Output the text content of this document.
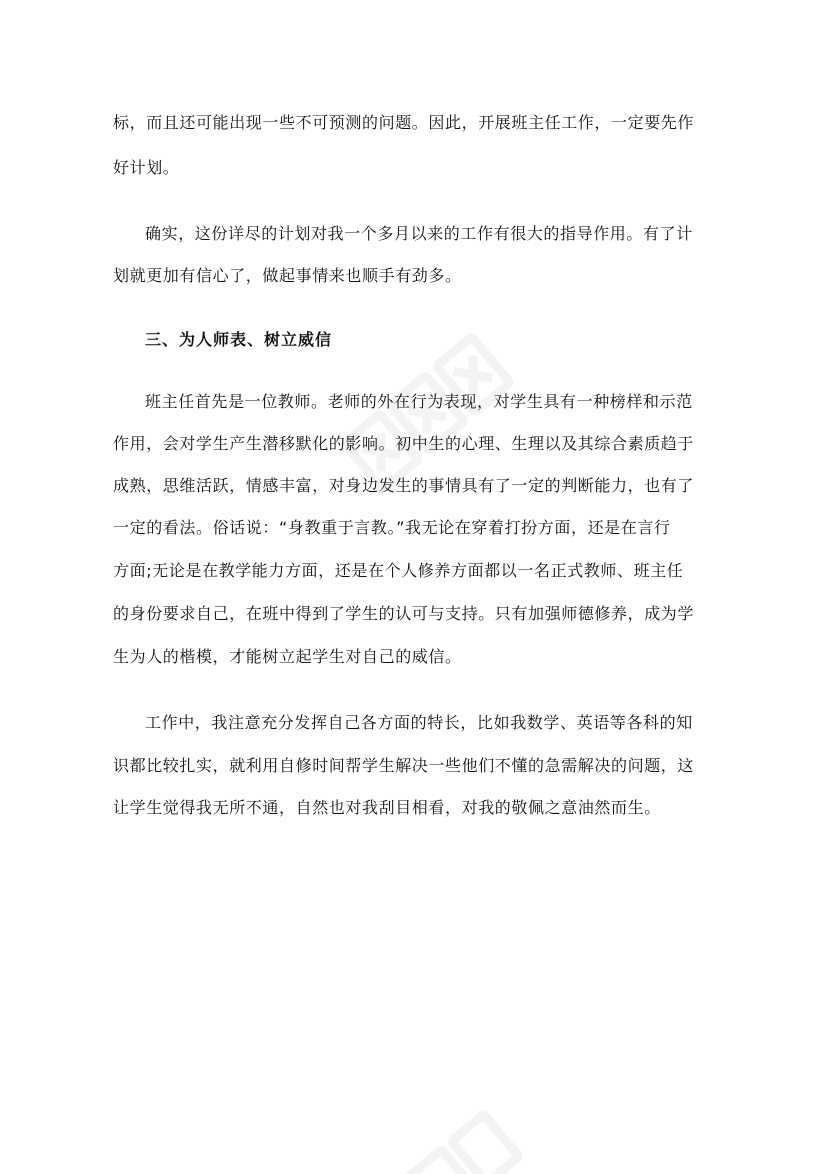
标，而且还可能出现一些不可预测的问题。因此，开展班主任工作，一定要先作
好计划。
确实，这份详尽的计划对我一个多月以来的工作有很大的指导作用。有了计
划就更加有信心了，做起事情来也顺手有劲多。
三、为人师表、树立威信
班主任首先是一位教师。老师的外在行为表现，对学生具有一种榜样和示范
作用，会对学生产生潜移默化的影响。初中生的心理、生理以及其综合素质趋于
成熟，思维活跃，情感丰富，对身边发生的事情具有了一定的判断能力，也有了
一定的看法。俗话说：“身教重于言教。”我无论在穿着打扮方面，还是在言行
方面;无论是在教学能力方面，还是在个人修养方面都以一名正式教师、班主任
的身份要求自己，在班中得到了学生的认可与支持。只有加强师德修养，成为学
生为人的楷模，才能树立起学生对自己的威信。
工作中，我注意充分发挥自己各方面的特长，比如我数学、英语等各科的知
识都比较扎实，就利用自修时间帮学生解决一些他们不懂的急需解决的问题，这
让学生觉得我无所不通，自然也对我刮目相看，对我的敬佩之意油然而生。
